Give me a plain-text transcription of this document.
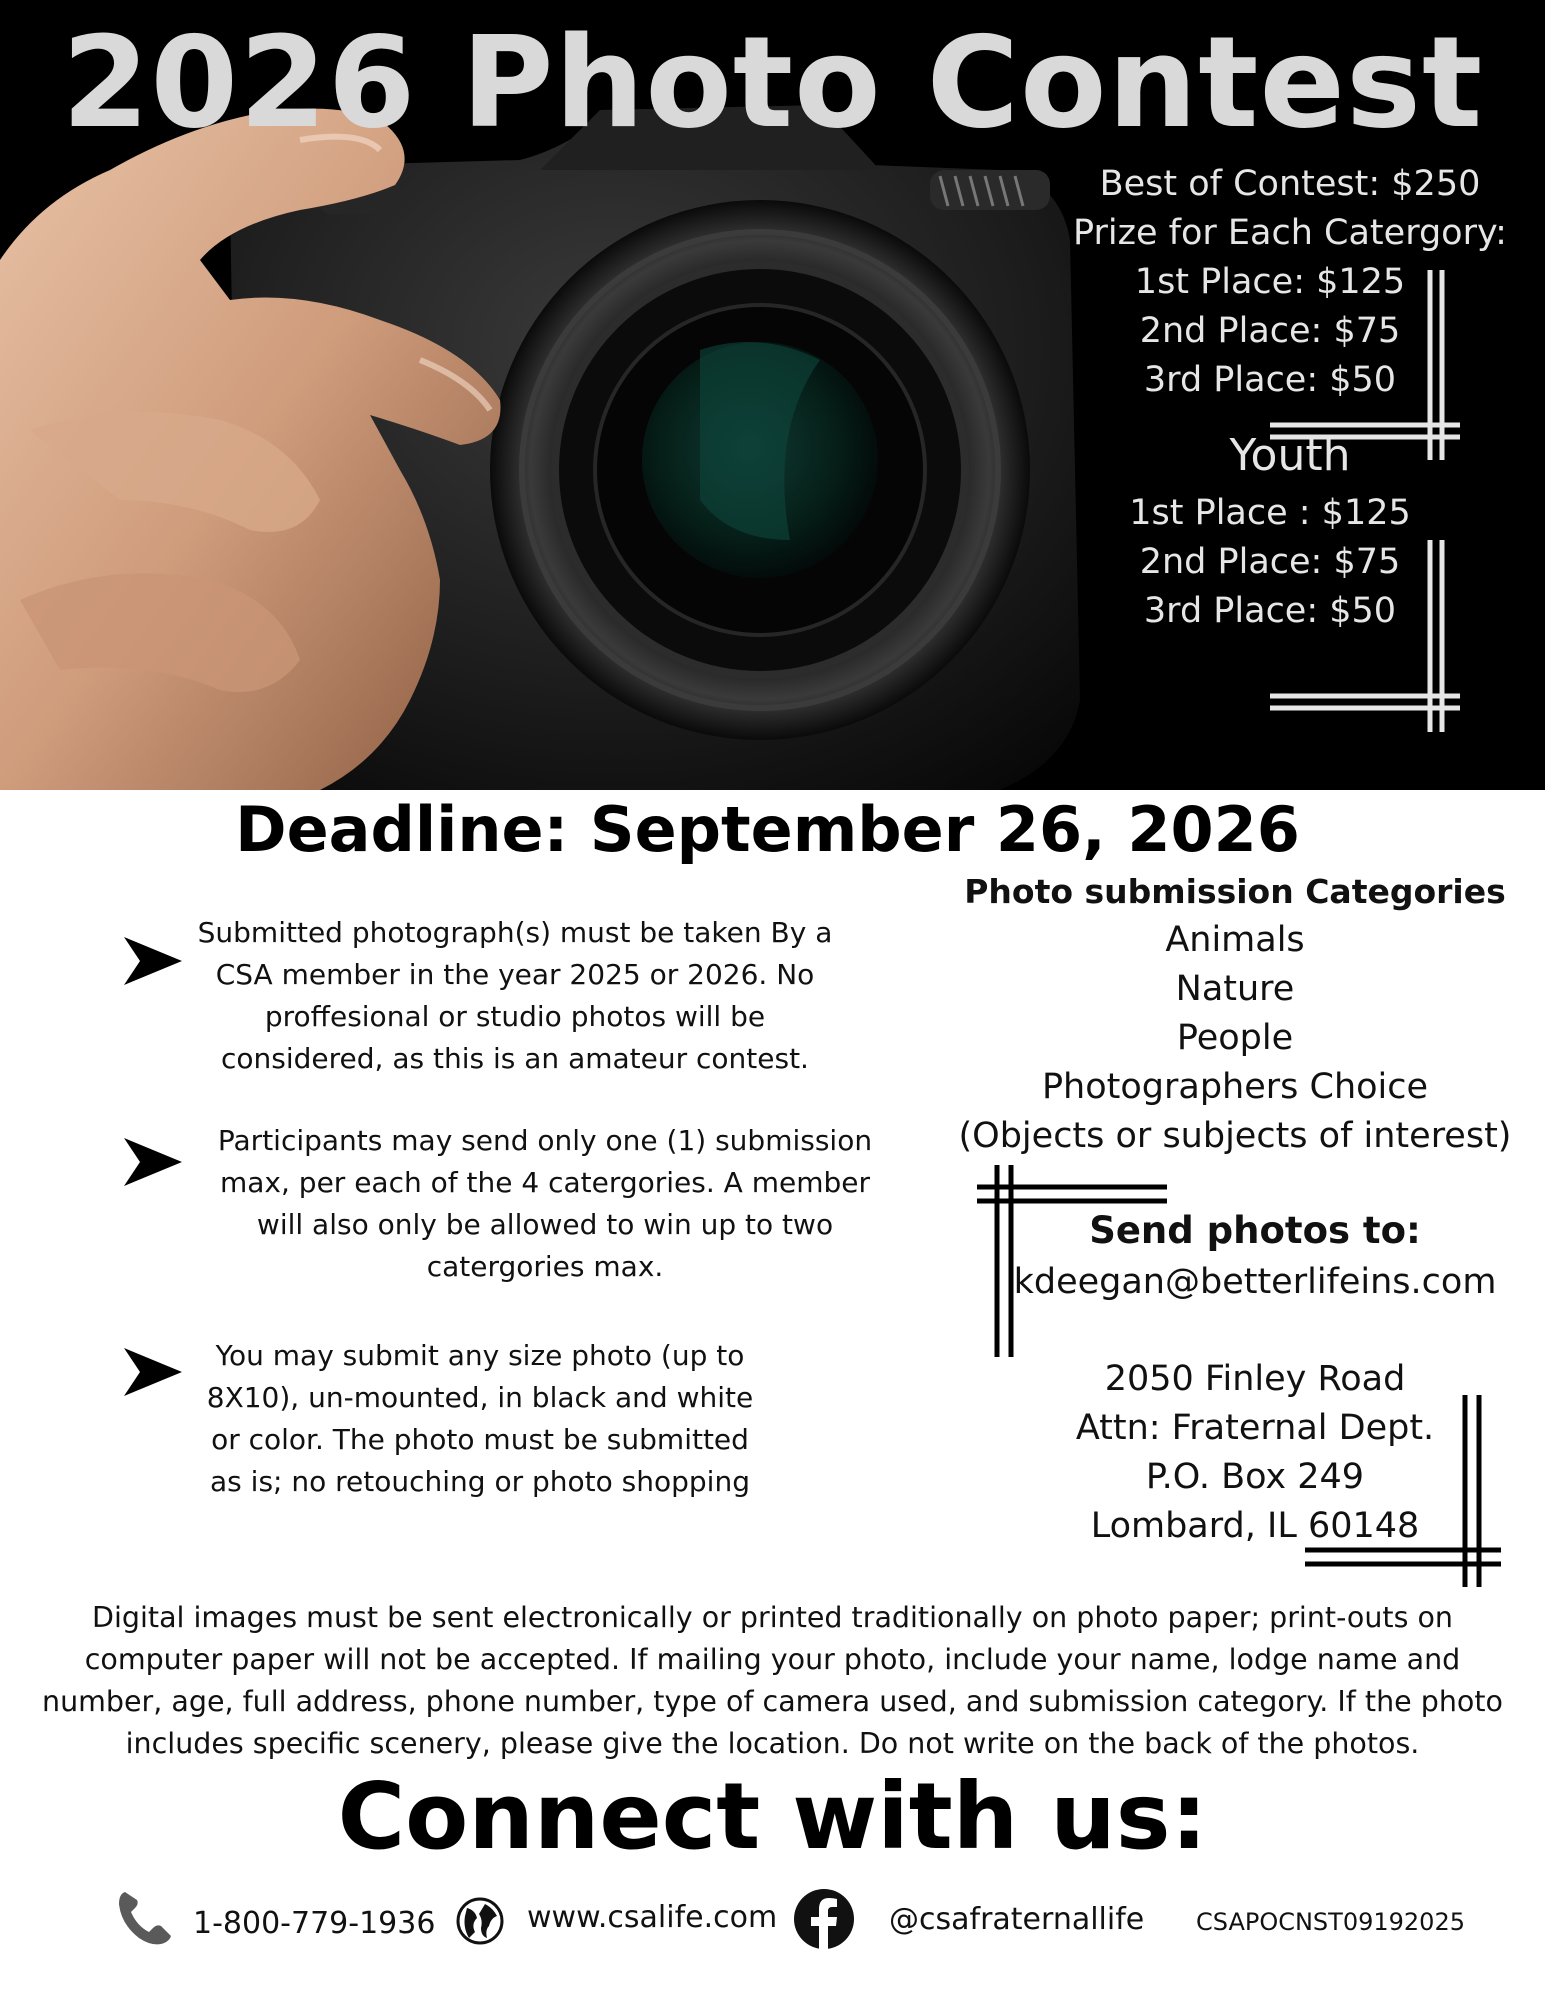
2026 Photo Contest
Best of Contest: $250
Prize for Each Catergory:
1st Place: $125
2nd Place: $75
3rd Place: $50
Youth
1st Place : $125
2nd Place: $75
3rd Place: $50
Deadline: September 26, 2026
Submitted photograph(s) must be taken By a CSA member in the year 2025 or 2026. No proffesional or studio photos will be considered, as this is an amateur contest.
Participants may send only one (1) submission max, per each of the 4 catergories. A member will also only be allowed to win up to two catergories max.
You may submit any size photo (up to 8X10), un-mounted, in black and white or color. The photo must be submitted as is; no retouching or photo shopping
Photo submission Categories
Animals
Nature
People
Photographers Choice
(Objects or subjects of interest)
Send photos to:
kdeegan@betterlifeins.com
2050 Finley Road
Attn: Fraternal Dept.
P.O. Box 249
Lombard, IL 60148
Digital images must be sent electronically or printed traditionally on photo paper; print-outs on computer paper will not be accepted. If mailing your photo, include your name, lodge name and number, age, full address, phone number, type of camera used, and submission category. If the photo includes specific scenery, please give the location. Do not write on the back of the photos.
Connect with us:
1-800-779-1936	www.csalife.com	@csafraternallife CSAPOCNST09192025
